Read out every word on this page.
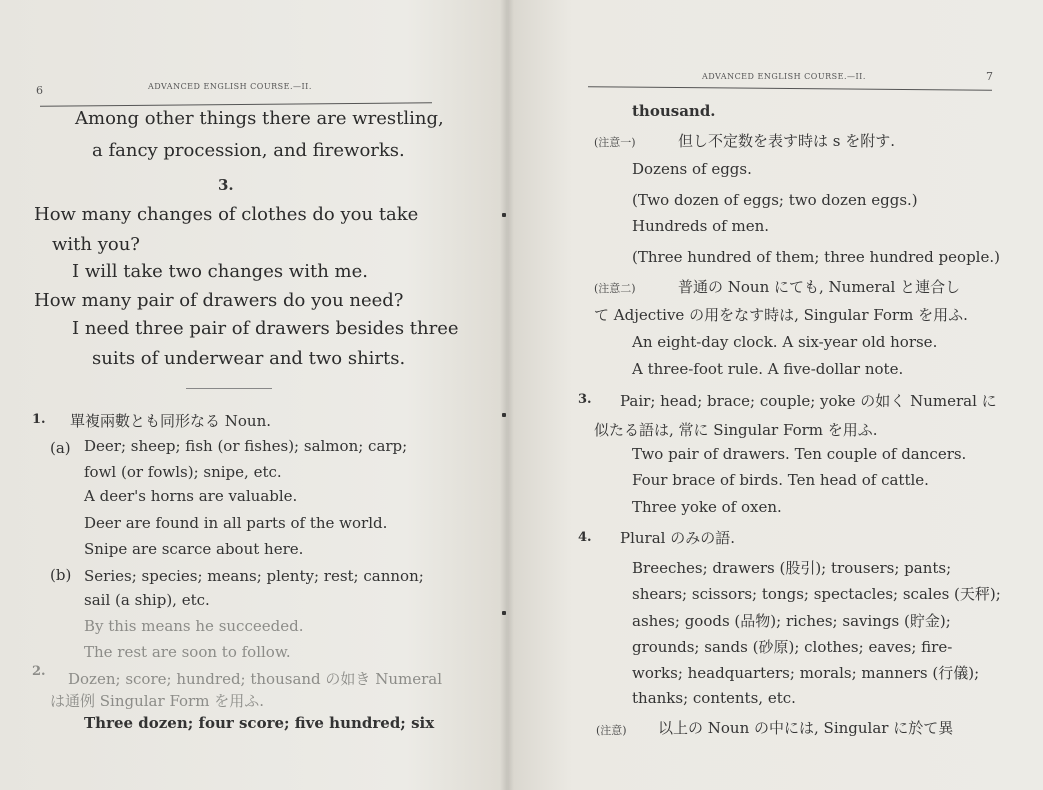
6	ADVANCED ENGLISH COURSE.—II.
Among other things there are wrestling,
a fancy procession, and fireworks.
3.
How many changes of clothes do you take
with you?
I will take two changes with me.
How many pair of drawers do you need?
I need three pair of drawers besides three
suits of underwear and two shirts.
1. 單複兩數とも同形なる Noun.
(a) Deer; sheep; fish (or fishes); salmon; carp;
fowl (or fowls); snipe, etc.
A deer's horns are valuable.
Deer are found in all parts of the world.
Snipe are scarce about here.
(b) Series; species; means; plenty; rest; cannon;
sail (a ship), etc.
By this means he succeeded.
The rest are soon to follow.
2. Dozen; score; hundred; thousand の如き Numeral
は通例 Singular Form を用ふ.
Three dozen; four score; five hundred; six
ADVANCED ENGLISH COURSE.—II.	7
thousand.
(注意一)	但し不定数を表す時は s を附す.
Dozens of eggs.
(Two dozen of eggs; two dozen eggs.)
Hundreds of men.
(Three hundred of them; three hundred people.)
(注意二)	普通の Noun にても, Numeral と連合し
て Adjective の用をなす時は, Singular Form を用ふ.
An eight-day clock. A six-year old horse.
A three-foot rule. A five-dollar note.
3. Pair; head; brace; couple; yoke の如く Numeral に
似たる語は, 常に Singular Form を用ふ.
Two pair of drawers. Ten couple of dancers.
Four brace of birds. Ten head of cattle.
Three yoke of oxen.
4. Plural のみの語.
Breeches; drawers (股引); trousers; pants;
shears; scissors; tongs; spectacles; scales (天秤);
ashes; goods (品物); riches; savings (貯金);
grounds; sands (砂原); clothes; eaves; fire-
works; headquarters; morals; manners (行儀);
thanks; contents, etc.
(注意) 以上の Noun の中には, Singular に於て異
